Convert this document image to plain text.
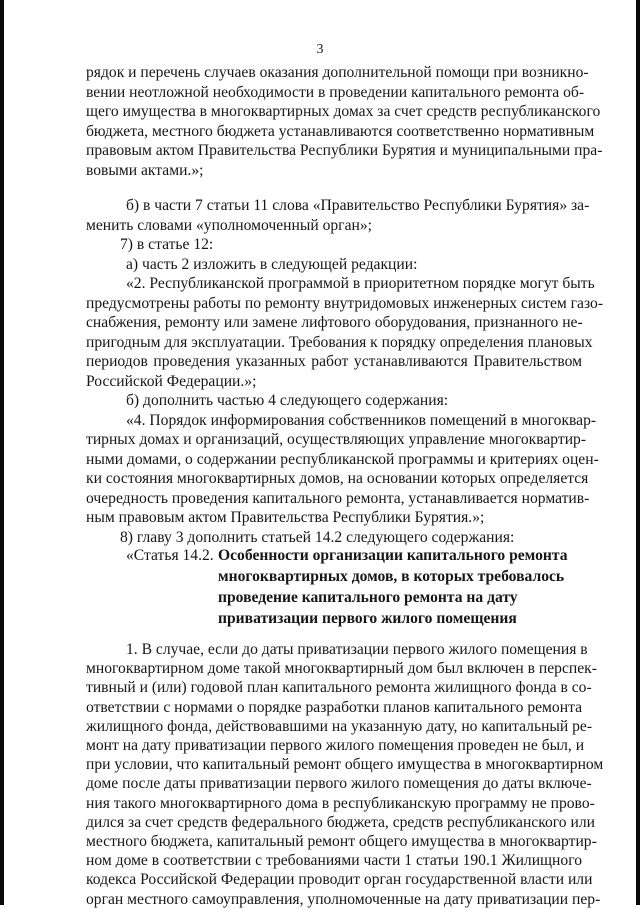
3
рядок и перечень случаев оказания дополнительной помощи при возникно-
вении неотложной необходимости в проведении капитального ремонта об-
щего имущества в многоквартирных домах за счет средств республиканского
бюджета, местного бюджета устанавливаются соответственно нормативным
правовым актом Правительства Республики Бурятия и муниципальными пра-
вовыми актами.»;
б) в части 7 статьи 11 слова «Правительство Республики Бурятия» за-
менить словами «уполномоченный орган»;
7) в статье 12:
а) часть 2 изложить в следующей редакции:
«2. Республиканской программой в приоритетном порядке могут быть
предусмотрены работы по ремонту внутридомовых инженерных систем газо-
снабжения, ремонту или замене лифтового оборудования, признанного не-
пригодным для эксплуатации. Требования к порядку определения плановых
периодов проведения указанных работ устанавливаются Правительством
Российской Федерации.»;
б) дополнить частью 4 следующего содержания:
«4. Порядок информирования собственников помещений в многоквар-
тирных домах и организаций, осуществляющих управление многоквартир-
ными домами, о содержании республиканской программы и критериях оцен-
ки состояния многоквартирных домов, на основании которых определяется
очередность проведения капитального ремонта, устанавливается норматив-
ным правовым актом Правительства Республики Бурятия.»;
8) главу 3 дополнить статьей 14.2 следующего содержания:
«Статья 14.2. Особенности организации капитального ремонта
многоквартирных домов, в которых требовалось
проведение капитального ремонта на дату
приватизации первого жилого помещения
1. В случае, если до даты приватизации первого жилого помещения в
многоквартирном доме такой многоквартирный дом был включен в перспек-
тивный и (или) годовой план капитального ремонта жилищного фонда в со-
ответствии с нормами о порядке разработки планов капитального ремонта
жилищного фонда, действовавшими на указанную дату, но капитальный ре-
монт на дату приватизации первого жилого помещения проведен не был, и
при условии, что капитальный ремонт общего имущества в многоквартирном
доме после даты приватизации первого жилого помещения до даты включе-
ния такого многоквартирного дома в республиканскую программу не прово-
дился за счет средств федерального бюджета, средств республиканского или
местного бюджета, капитальный ремонт общего имущества в многоквартир-
ном доме в соответствии с требованиями части 1 статьи 190.1 Жилищного
кодекса Российской Федерации проводит орган государственной власти или
орган местного самоуправления, уполномоченные на дату приватизации пер-
